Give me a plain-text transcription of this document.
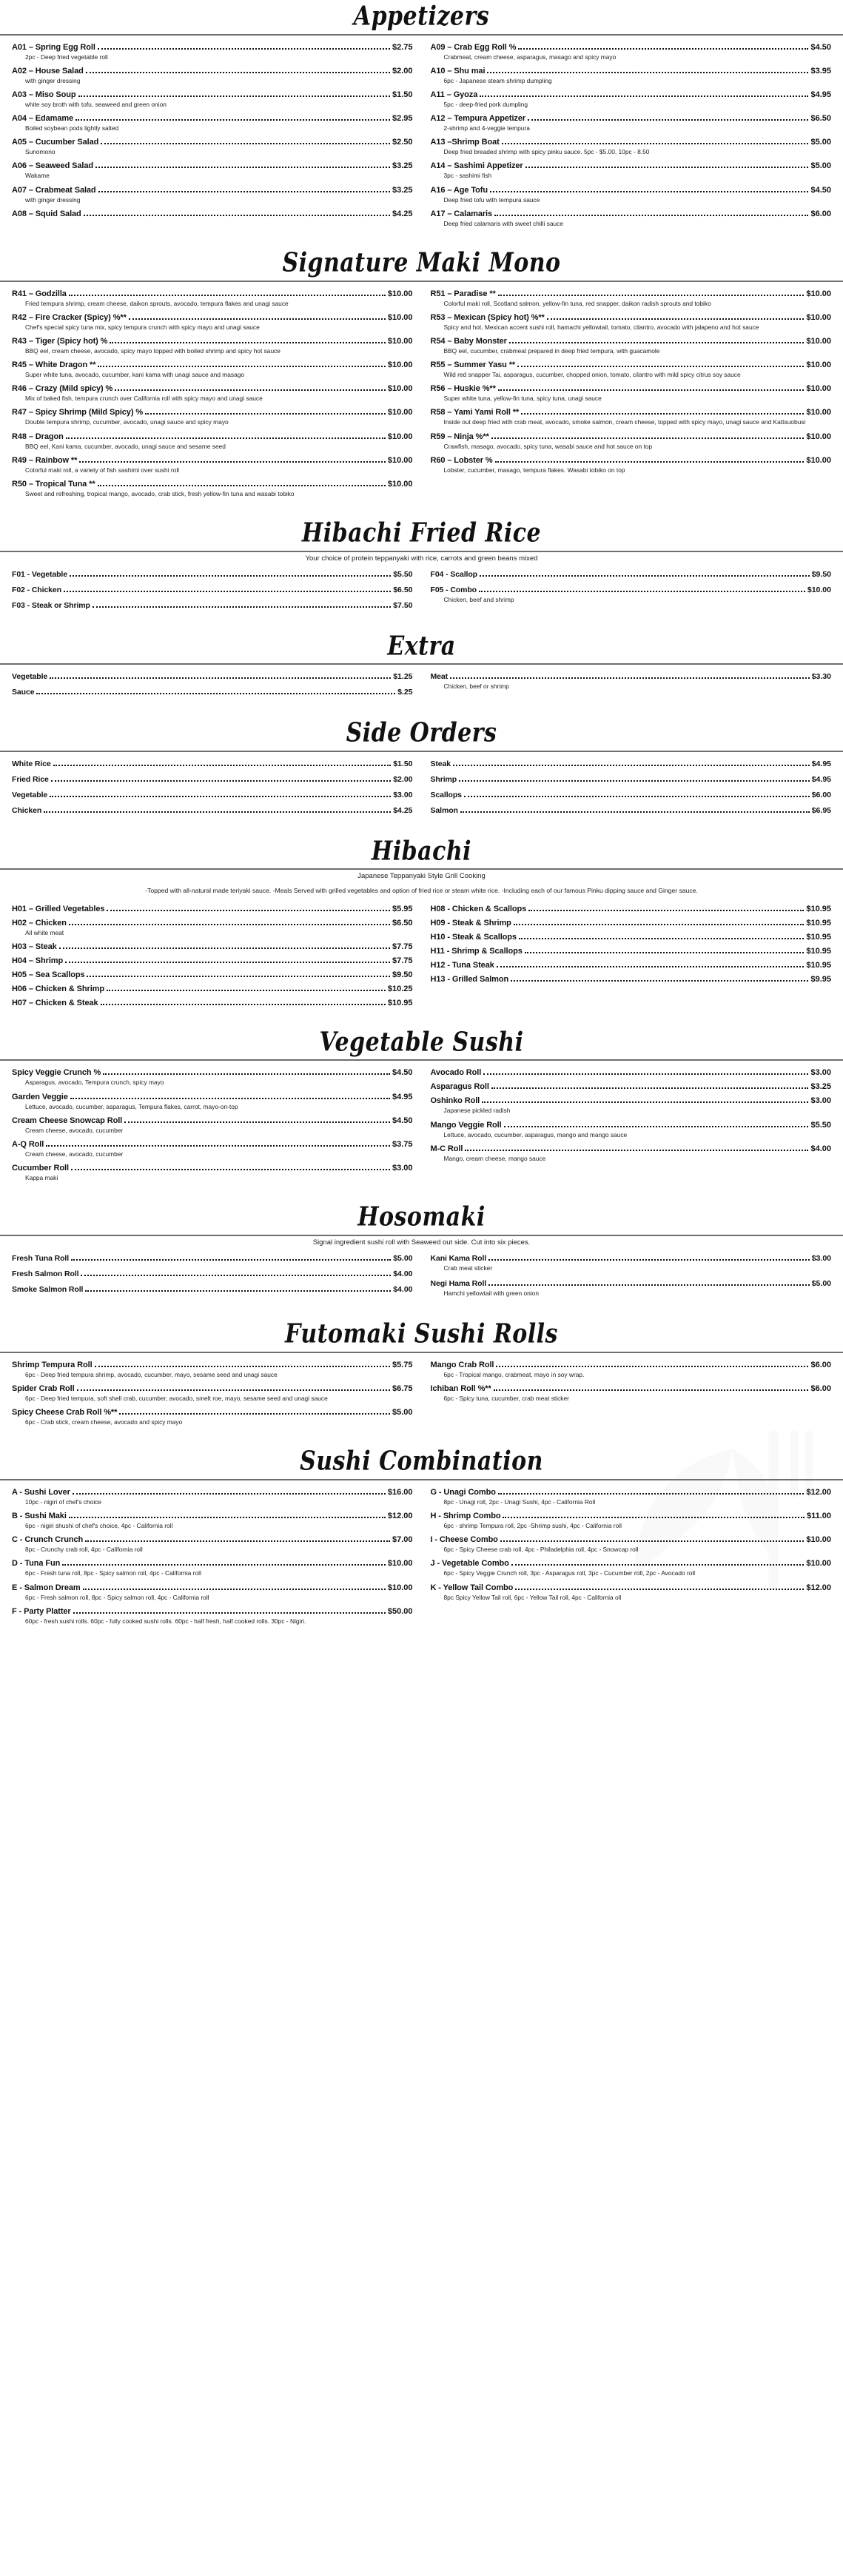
Appetizers
A01 – Spring Egg Roll	$2.75
2pc - Deep fried vegetable roll
A02 – House Salad	$2.00
with ginger dressing
A03 – Miso Soup	$1.50
white soy broth with tofu, seaweed and green onion
A04 – Edamame	$2.95
Boiled soybean pods lightly salted
A05 – Cucumber Salad	$2.50
Sunomono
A06 – Seaweed Salad	$3.25
Wakame
A07 – Crabmeat Salad	$3.25
with ginger dressing
A08 – Squid Salad	$4.25
A09 – Crab Egg Roll %	$4.50
Crabmeat, cream cheese, asparagus, masago and spicy mayo
A10 – Shu mai	$3.95
6pc - Japanese steam shrimp dumpling
A11 – Gyoza	$4.95
5pc - deep-fried pork dumpling
A12 – Tempura Appetizer	$6.50
2-shrimp and 4-veggie tempura
A13 –Shrimp Boat	$5.00
Deep fried breaded shrimp with spicy pinku sauce. 5pc - $5.00, 10pc - 8.50
A14 – Sashimi Appetizer	$5.00
3pc - sashimi fish
A16 – Age Tofu	$4.50
Deep fried tofu with tempura sauce
A17 – Calamaris	$6.00
Deep fried calamaris with sweet chilli sauce
Signature Maki Mono
R41 – Godzilla	$10.00
Fried tempura shrimp, cream cheese, daikon sprouts, avocado, tempura flakes and unagi sauce
R42 – Fire Cracker (Spicy) %**	$10.00
Chef's special spicy tuna mix, spicy tempura crunch with spicy mayo and unagi sauce
R43 – Tiger (Spicy hot) %	$10.00
BBQ eel, cream cheese, avocado, spicy mayo topped with boiled shrimp and spicy hot sauce
R45 – White Dragon **	$10.00
Super white tuna, avocado, cucumber, kani kama with unagi sauce and masago
R46 – Crazy (Mild spicy) %	$10.00
Mix of baked fish, tempura crunch over California roll with spicy mayo and unagi sauce
R47 – Spicy Shrimp (Mild Spicy) %	$10.00
Double tempura shrimp, cucumber, avocado, unagi sauce and spicy mayo
R48 – Dragon	$10.00
BBQ eel, Kani kama, cucumber, avocado, unagi sauce and sesame seed
R49 – Rainbow **	$10.00
Colorful maki roll, a variety of fish sashimi over sushi roll
R50 – Tropical Tuna **	$10.00
Sweet and refreshing, tropical mango, avocado, crab stick, fresh yellow-fin tuna and wasabi tobiko
R51 – Paradise **	$10.00
Colorful maki roll, Scotland salmon, yellow-fin tuna, red snapper, daikon radish sprouts and tobiko
R53 – Mexican (Spicy hot) %**	$10.00
Spicy and hot, Mexican accent sushi roll, hamachi yellowtail, tomato, cilantro, avocado with jalapeno and hot sauce
R54 – Baby Monster	$10.00
BBQ eel, cucumber, crabmeat prepared in deep fried tempura, with guacamole
R55 – Summer Yasu **	$10.00
Wild red snapper Tai, asparagus, cucumber, chopped onion, tomato, cilantro with mild spicy citrus soy sauce
R56 – Huskie %**	$10.00
Super white tuna, yellow-fin tuna, spicy tuna, unagi sauce
R58 – Yami Yami Roll **	$10.00
Inside out deep fried with crab meat, avocado, smoke salmon, cream cheese, topped with spicy mayo, unagi sauce and Kattsuobusi
R59 – Ninja %**	$10.00
Crawfish, masago, avocado, spicy tuna, wasabi sauce and hot sauce on top
R60 – Lobster %	$10.00
Lobster, cucumber, masago, tempura flakes. Wasabi tobiko on top
Hibachi Fried Rice
Your choice of protein teppanyaki with rice, carrots and green beans mixed
F01 - Vegetable	$5.50
F02 - Chicken	$6.50
F03 - Steak or Shrimp	$7.50
F04 - Scallop	$9.50
F05 - Combo	$10.00
Chicken, beef and shrimp
Extra
Vegetable	$1.25
Sauce	$.25
Meat	$3.30
Chicken, beef or shrimp
Side Orders
White Rice	$1.50
Fried Rice	$2.00
Vegetable	$3.00
Chicken	$4.25
Steak	$4.95
Shrimp	$4.95
Scallops	$6.00
Salmon	$6.95
Hibachi
Japanese Teppanyaki Style Grill Cooking
-Topped with all-natural made teriyaki sauce. -Meals Served with grilled vegetables and option of fried rice or steam white rice. -Including each of our famous Pinku dipping sauce and Ginger sauce.
H01 – Grilled Vegetables	$5.95
H02 – Chicken	$6.50
All white meat
H03 – Steak	$7.75
H04 – Shrimp	$7.75
H05 – Sea Scallops	$9.50
H06 – Chicken & Shrimp	$10.25
H07 – Chicken & Steak	$10.95
H08 - Chicken & Scallops	$10.95
H09 - Steak & Shrimp	$10.95
H10 - Steak & Scallops	$10.95
H11 - Shrimp & Scallops	$10.95
H12 - Tuna Steak	$10.95
H13 - Grilled Salmon	$9.95
Vegetable Sushi
Spicy Veggie Crunch %	$4.50
Asparagus, avocado, Tempura crunch, spicy mayo
Garden Veggie	$4.95
Lettuce, avocado, cucumber, asparagus, Tempura flakes, carrot, mayo-on-top
Cream Cheese Snowcap Roll	$4.50
Cream cheese, avocado, cucumber
A-Q Roll	$3.75
Cream cheese, avocado, cucumber
Cucumber Roll	$3.00
Kappa maki
Avocado Roll	$3.00
Asparagus Roll	$3.25
Oshinko Roll	$3.00
Japanese pickled radish
Mango Veggie Roll	$5.50
Lettuce, avocado, cucumber, asparagus, mango and mango sauce
M-C Roll	$4.00
Mango, cream cheese, mango sauce
Hosomaki
Signal ingredient sushi roll with Seaweed out side. Cut into six pieces.
Fresh Tuna Roll	$5.00
Fresh Salmon Roll	$4.00
Smoke Salmon Roll	$4.00
Kani Kama Roll	$3.00
Crab meat sticker
Negi Hama Roll	$5.00
Hamchi yellowtail with green onion
Futomaki Sushi Rolls
Shrimp Tempura Roll	$5.75
6pc - Deep fried tempura shrimp, avocado, cucumber, mayo, sesame seed and unagi sauce
Spider Crab Roll	$6.75
6pc - Deep fried tempura, soft shell crab, cucumber, avocado, smelt roe, mayo, sesame seed and unagi sauce
Spicy Cheese Crab Roll %**	$5.00
6pc - Crab stick, cream cheese, avocado and spicy mayo
Mango Crab Roll	$6.00
6pc - Tropical mango, crabmeat, mayo in soy wrap.
Ichiban Roll %**	$6.00
6pc - Spicy tuna, cucumber, crab meat sticker
Sushi Combination
A - Sushi Lover	$16.00
10pc - nigiri of chef's choice
B - Sushi Maki	$12.00
6pc - nigiri shushi of chef's choice, 4pc - California roll
C - Crunch Crunch	$7.00
8pc - Crunchy crab roll, 4pc - California roll
D - Tuna Fun	$10.00
6pc - Fresh tuna roll, 8pc - Spicy salmon roll, 4pc - California roll
E - Salmon Dream	$10.00
6pc - Fresh salmon roll, 8pc - Spicy salmon roll, 4pc - California roll
F - Party Platter	$50.00
60pc - fresh sushi rolls. 60pc - fully cooked sushi rolls. 60pc - half fresh, half cooked rolls. 30pc - Nigiri.
G - Unagi Combo	$12.00
8pc - Unagi roll, 2pc - Unagi Sushi, 4pc - California Roll
H - Shrimp Combo	$11.00
6pc - shrimp Tempura roll, 2pc -Shrimp sushi, 4pc - California roll
I - Cheese Combo	$10.00
6pc - Spicy Cheese crab roll, 4pc - Philadelphia roll, 4pc - Snowcap roll
J - Vegetable Combo	$10.00
6pc - Spicy Veggie Crunch roll, 3pc - Asparagus roll, 3pc - Cucumber roll, 2pc - Avocado roll
K - Yellow Tail Combo	$12.00
8pc Spicy Yellow Tail roll, 6pc - Yellow Tail roll, 4pc - California oll
